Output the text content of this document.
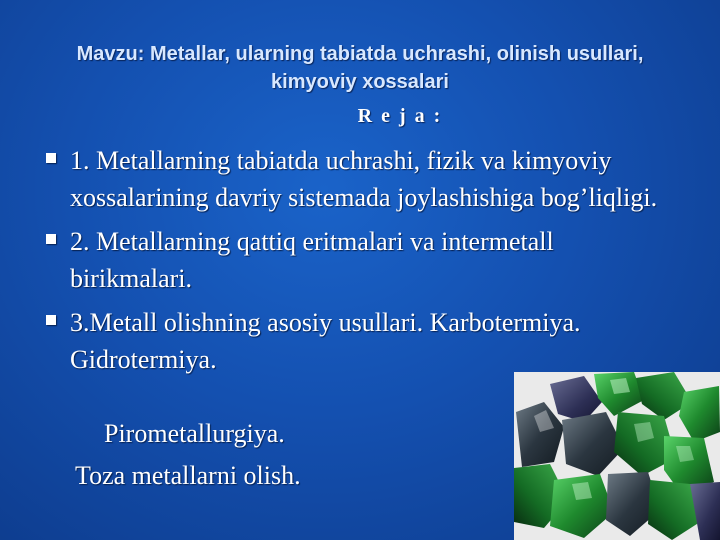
Mavzu: Metallar, ularning tabiatda uchrashi, olinish usullari, kimyoviy xossalari
R e j a :
1. Metallarning tabiatda uchrashi, fizik va kimyoviy xossalarining davriy sistemada joylashishiga bog’liqligi.
2. Metallarning qattiq eritmalari va intermetall birikmalari.
3.Metall olishning asosiy usullari. Karbotermiya. Gidrotermiya.
Pirometallurgiya.
Toza metallarni olish.
